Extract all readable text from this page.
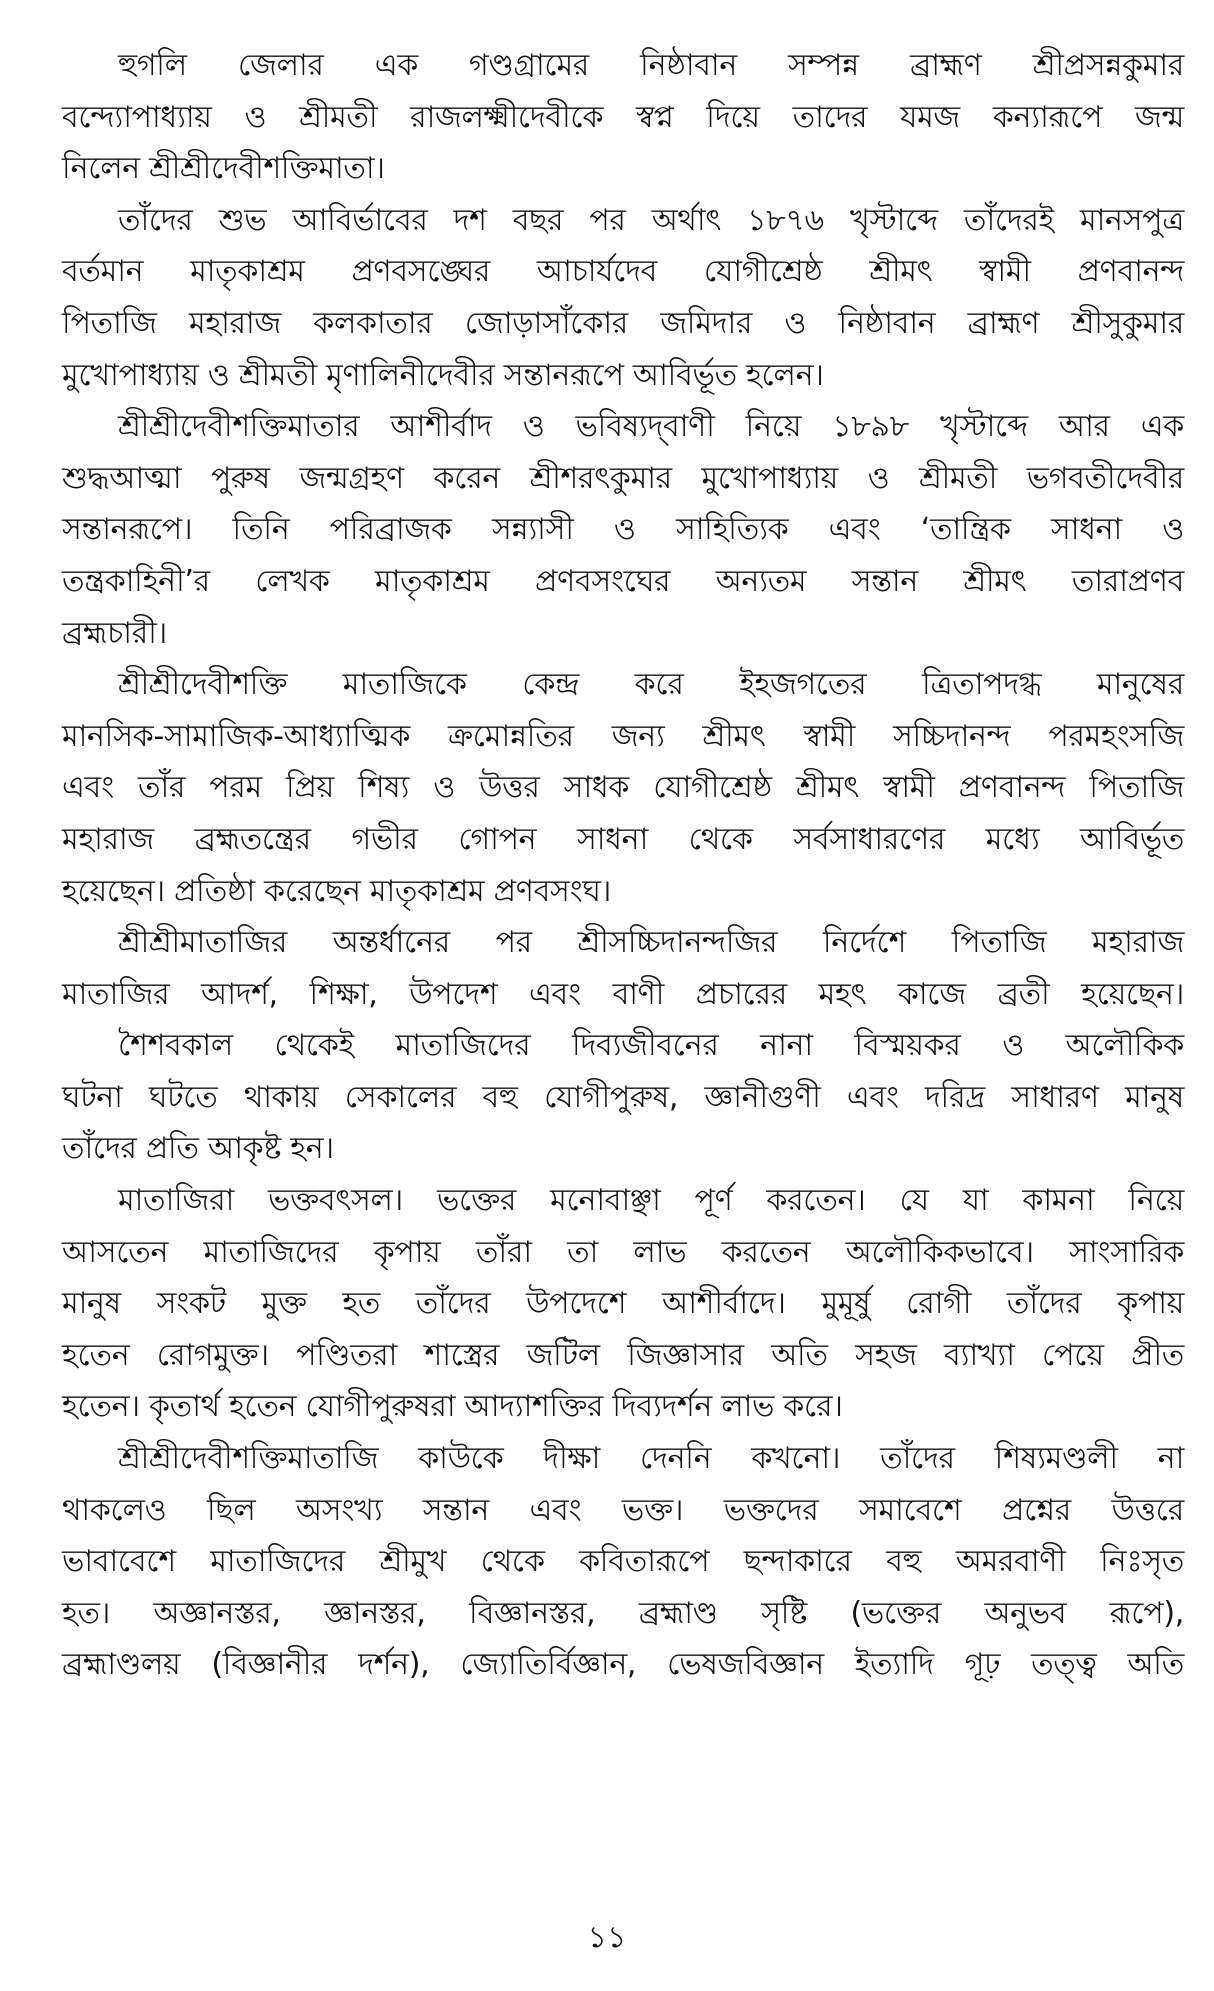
হুগলি জেলার এক গণ্ডগ্রামের নিষ্ঠাবান সম্পন্ন ব্রাহ্মণ শ্রীপ্রসন্নকুমার
বন্দ্যোপাধ্যায় ও শ্রীমতী রাজলক্ষ্মীদেবীকে স্বপ্ন দিয়ে তাদের যমজ কন্যারূপে জন্ম
নিলেন শ্রীশ্রীদেবীশক্তিমাতা।
তাঁদের শুভ আবির্ভাবের দশ বছর পর অর্থাৎ ১৮৭৬ খৃস্টাব্দে তাঁদেরই মানসপুত্র
বর্তমান মাতৃকাশ্রম প্রণবসঙ্ঘের আচার্যদেব যোগীশ্রেষ্ঠ শ্রীমৎ স্বামী প্রণবানন্দ
পিতাজি মহারাজ কলকাতার জোড়াসাঁকোর জমিদার ও নিষ্ঠাবান ব্রাহ্মণ শ্রীসুকুমার
মুখোপাধ্যায় ও শ্রীমতী মৃণালিনীদেবীর সন্তানরূপে আবির্ভূত হলেন।
শ্রীশ্রীদেবীশক্তিমাতার আশীর্বাদ ও ভবিষ্যদ্‌বাণী নিয়ে ১৮৯৮ খৃস্টাব্দে আর এক
শুদ্ধআত্মা পুরুষ জন্মগ্রহণ করেন শ্রীশরৎকুমার মুখোপাধ্যায় ও শ্রীমতী ভগবতীদেবীর
সন্তানরূপে। তিনি পরিব্রাজক সন্ন্যাসী ও সাহিত্যিক এবং ‘তান্ত্রিক সাধনা ও
তন্ত্রকাহিনী’র লেখক মাতৃকাশ্রম প্রণবসংঘের অন্যতম সন্তান শ্রীমৎ তারাপ্রণব
ব্রহ্মচারী।
শ্রীশ্রীদেবীশক্তি মাতাজিকে কেন্দ্র করে ইহজগতের ত্রিতাপদগ্ধ মানুষের
মানসিক-সামাজিক-আধ্যাত্মিক ক্রমোন্নতির জন্য শ্রীমৎ স্বামী সচ্চিদানন্দ পরমহংসজি
এবং তাঁর পরম প্রিয় শিষ্য ও উত্তর সাধক যোগীশ্রেষ্ঠ শ্রীমৎ স্বামী প্রণবানন্দ পিতাজি
মহারাজ ব্রহ্মতন্ত্রের গভীর গোপন সাধনা থেকে সর্বসাধারণের মধ্যে আবির্ভূত
হয়েছেন। প্রতিষ্ঠা করেছেন মাতৃকাশ্রম প্রণবসংঘ।
শ্রীশ্রীমাতাজির অন্তর্ধানের পর শ্রীসচ্চিদানন্দজির নির্দেশে পিতাজি মহারাজ
মাতাজির আদর্শ, শিক্ষা, উপদেশ এবং বাণী প্রচারের মহৎ কাজে ব্রতী হয়েছেন।
শৈশবকাল থেকেই মাতাজিদের দিব্যজীবনের নানা বিস্ময়কর ও অলৌকিক
ঘটনা ঘটতে থাকায় সেকালের বহু যোগীপুরুষ, জ্ঞানীগুণী এবং দরিদ্র সাধারণ মানুষ
তাঁদের প্রতি আকৃষ্ট হন।
মাতাজিরা ভক্তবৎসল। ভক্তের মনোবাঞ্ছা পূর্ণ করতেন। যে যা কামনা নিয়ে
আসতেন মাতাজিদের কৃপায় তাঁরা তা লাভ করতেন অলৌকিকভাবে। সাংসারিক
মানুষ সংকট মুক্ত হত তাঁদের উপদেশে আশীর্বাদে। মুমূর্ষু রোগী তাঁদের কৃপায়
হতেন রোগমুক্ত। পণ্ডিতরা শাস্ত্রের জটিল জিজ্ঞাসার অতি সহজ ব্যাখ্যা পেয়ে প্রীত
হতেন। কৃতার্থ হতেন যোগীপুরুষরা আদ্যাশক্তির দিব্যদর্শন লাভ করে।
শ্রীশ্রীদেবীশক্তিমাতাজি কাউকে দীক্ষা দেননি কখনো। তাঁদের শিষ্যমণ্ডলী না
থাকলেও ছিল অসংখ্য সন্তান এবং ভক্ত। ভক্তদের সমাবেশে প্রশ্নের উত্তরে
ভাবাবেশে মাতাজিদের শ্রীমুখ থেকে কবিতারূপে ছন্দাকারে বহু অমরবাণী নিঃসৃত
হত। অজ্ঞানস্তর, জ্ঞানস্তর, বিজ্ঞানস্তর, ব্রহ্মাণ্ড সৃষ্টি (ভক্তের অনুভব রূপে),
ব্রহ্মাণ্ডলয় (বিজ্ঞানীর দর্শন), জ্যোতির্বিজ্ঞান, ভেষজবিজ্ঞান ইত্যাদি গূঢ় তত্ত্ব অতি
১১
